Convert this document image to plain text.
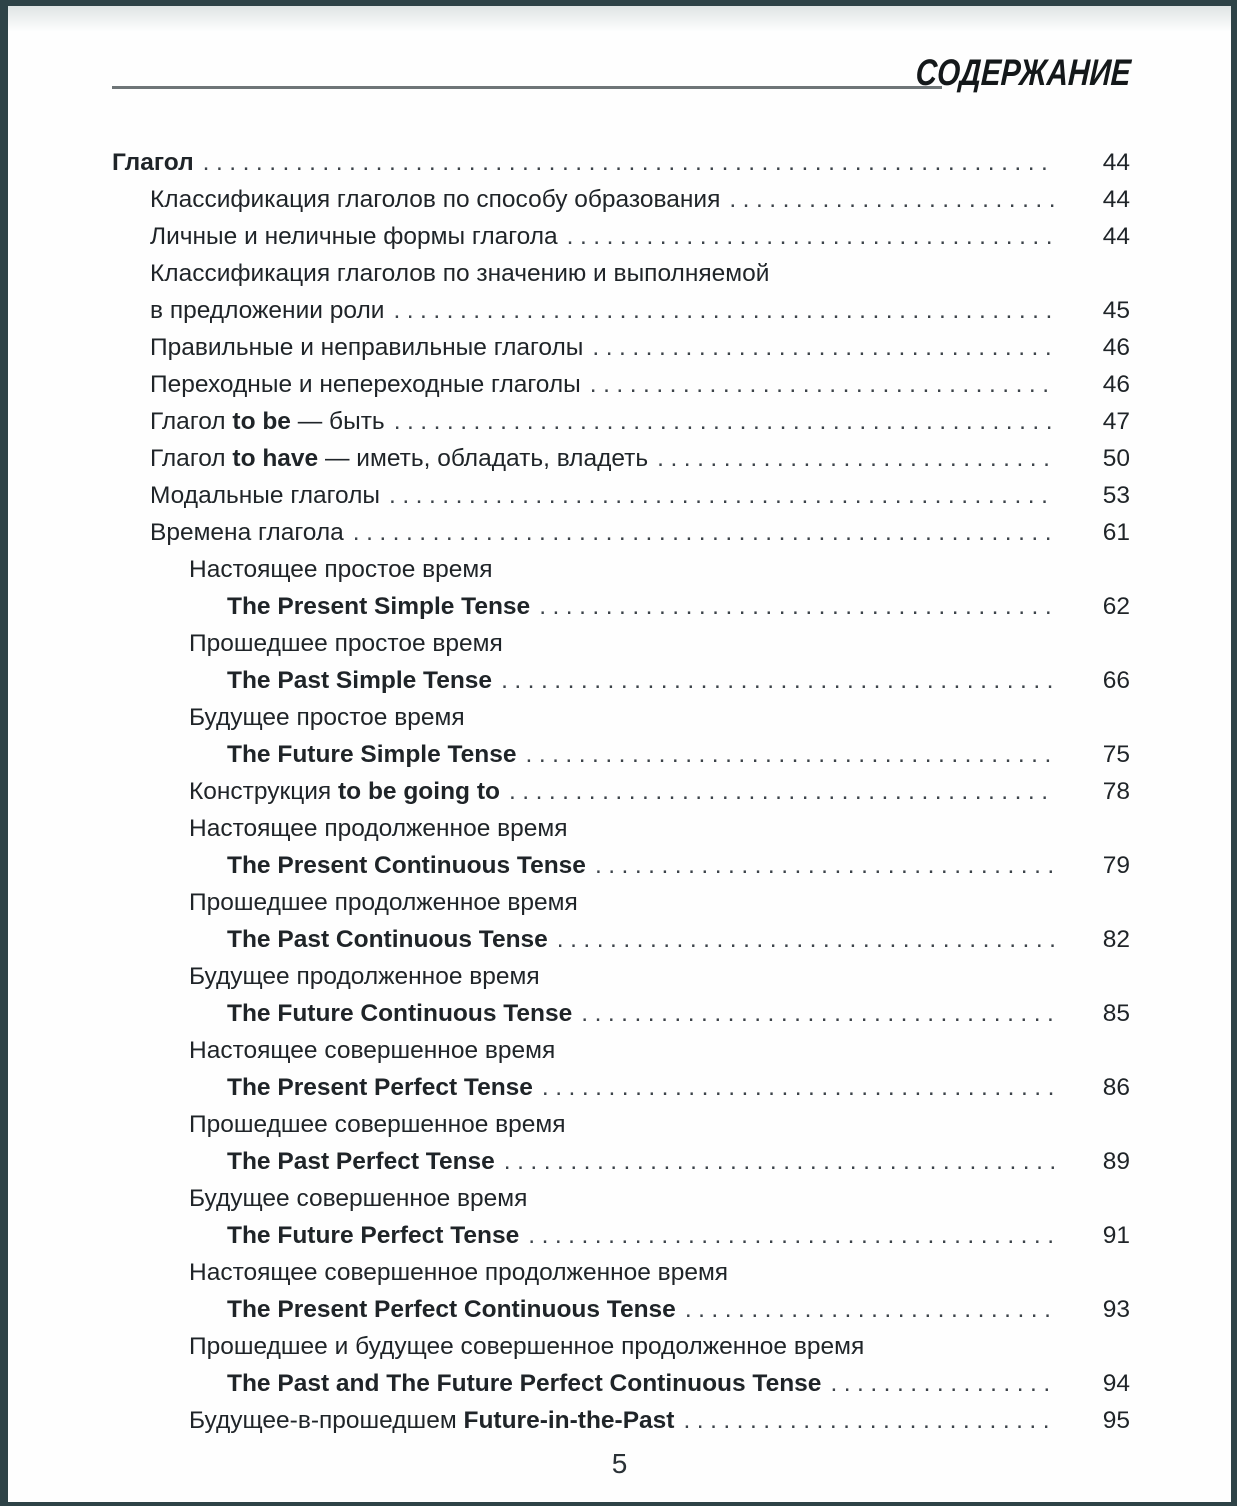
СОДЕРЖАНИЕ
Глагол .....	44
Классификация глаголов по способу образования .....	44
Личные и неличные формы глагола .....	44
Классификация глаголов по значению и выполняемой
в предложении роли .....	45
Правильные и неправильные глаголы .....	46
Переходные и непереходные глаголы .....	46
Глагол to be — быть .....	47
Глагол to have — иметь, обладать, владеть .....	50
Модальные глаголы .....	53
Времена глагола .....	61
Настоящее простое время
The Present Simple Tense .....	62
Прошедшее простое время
The Past Simple Tense .....	66
Будущее простое время
The Future Simple Tense .....	75
Конструкция to be going to .....	78
Настоящее продолженное время
The Present Continuous Tense .....	79
Прошедшее продолженное время
The Past Continuous Tense .....	82
Будущее продолженное время
The Future Continuous Tense .....	85
Настоящее совершенное время
The Present Perfect Tense .....	86
Прошедшее совершенное время
The Past Perfect Tense .....	89
Будущее совершенное время
The Future Perfect Tense .....	91
Настоящее совершенное продолженное время
The Present Perfect Continuous Tense .....	93
Прошедшее и будущее совершенное продолженное время
The Past and The Future Perfect Continuous Tense .....	94
Будущее-в-прошедшем Future-in-the-Past .....	95
5
